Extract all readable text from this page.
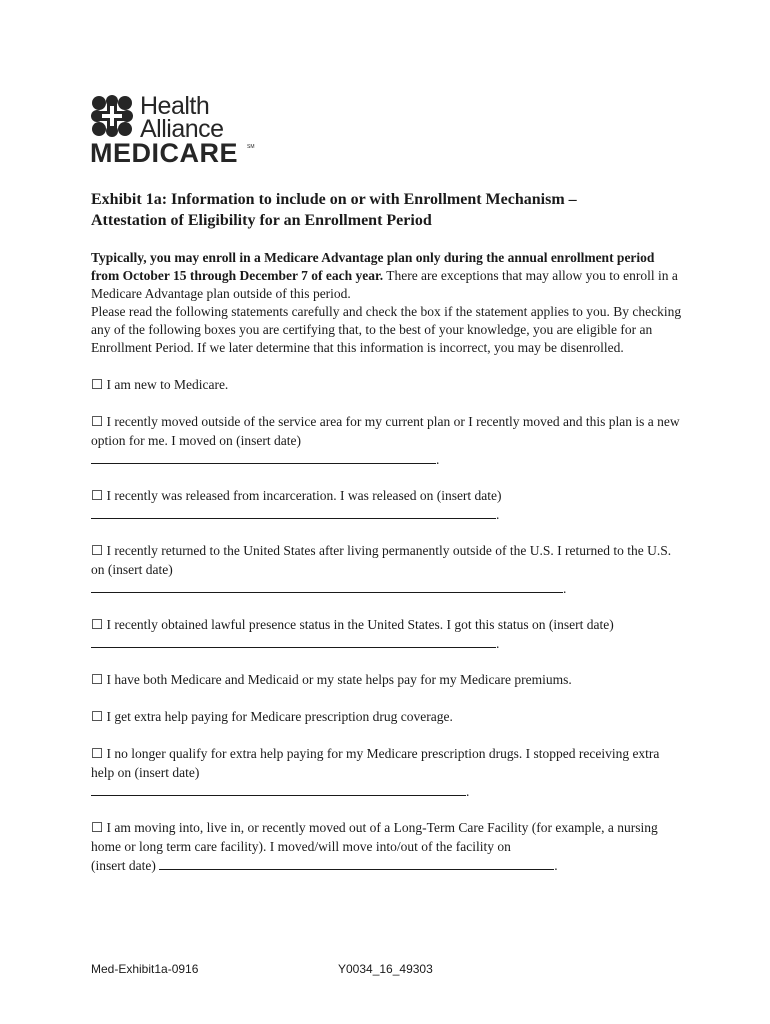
Health
Alliance
MEDICARE SM
Exhibit 1a: Information to include on or with Enrollment Mechanism –
Attestation of Eligibility for an Enrollment Period
Typically, you may enroll in a Medicare Advantage plan only during the annual enrollment period from October 15 through December 7 of each year. There are exceptions that may allow you to enroll in a Medicare Advantage plan outside of this period.
Please read the following statements carefully and check the box if the statement applies to you. By checking any of the following boxes you are certifying that, to the best of your knowledge, you are eligible for an Enrollment Period. If we later determine that this information is incorrect, you may be disenrolled.
☐ I am new to Medicare.
☐ I recently moved outside of the service area for my current plan or I recently moved and this plan is a new option for me. I moved on (insert date)
.
☐ I recently was released from incarceration. I was released on (insert date)
.
☐ I recently returned to the United States after living permanently outside of the U.S. I returned to the U.S. on (insert date)
.
☐ I recently obtained lawful presence status in the United States. I got this status on (insert date)
.
☐ I have both Medicare and Medicaid or my state helps pay for my Medicare premiums.
☐ I get extra help paying for Medicare prescription drug coverage.
☐ I no longer qualify for extra help paying for my Medicare prescription drugs. I stopped receiving extra help on (insert date)
.
☐ I am moving into, live in, or recently moved out of a Long-Term Care Facility (for example, a nursing home or long term care facility). I moved/will move into/out of the facility on
(insert date)	.
Med-Exhibit1a-0916	Y0034_16_49303
